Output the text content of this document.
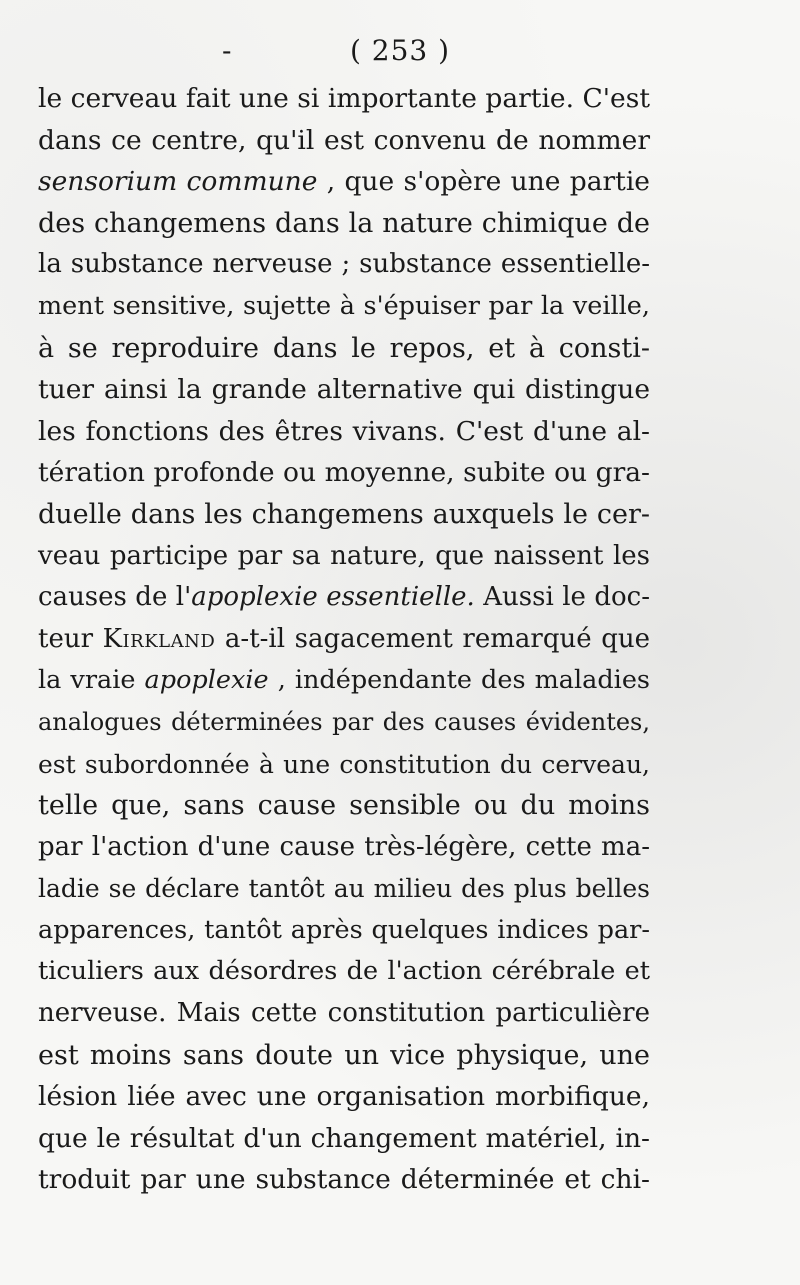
-	( 253 )
le cerveau fait une si importante partie. C'est
dans ce centre, qu'il est convenu de nommer
sensorium commune , que s'opère une partie
des changemens dans la nature chimique de
la substance nerveuse ; substance essentielle-
ment sensitive, sujette à s'épuiser par la veille,
à se reproduire dans le repos, et à consti-
tuer ainsi la grande alternative qui distingue
les fonctions des êtres vivans. C'est d'une al-
tération profonde ou moyenne, subite ou gra-
duelle dans les changemens auxquels le cer-
veau participe par sa nature, que naissent les
causes de l'apoplexie essentielle. Aussi le doc-
teur Kirkland a-t-il sagacement remarqué que
la vraie apoplexie , indépendante des maladies
analogues déterminées par des causes évidentes,
est subordonnée à une constitution du cerveau,
telle que, sans cause sensible ou du moins
par l'action d'une cause très-légère, cette ma-
ladie se déclare tantôt au milieu des plus belles
apparences, tantôt après quelques indices par-
ticuliers aux désordres de l'action cérébrale et
nerveuse. Mais cette constitution particulière
est moins sans doute un vice physique, une
lésion liée avec une organisation morbifique,
que le résultat d'un changement matériel, in-
troduit par une substance déterminée et chi-
